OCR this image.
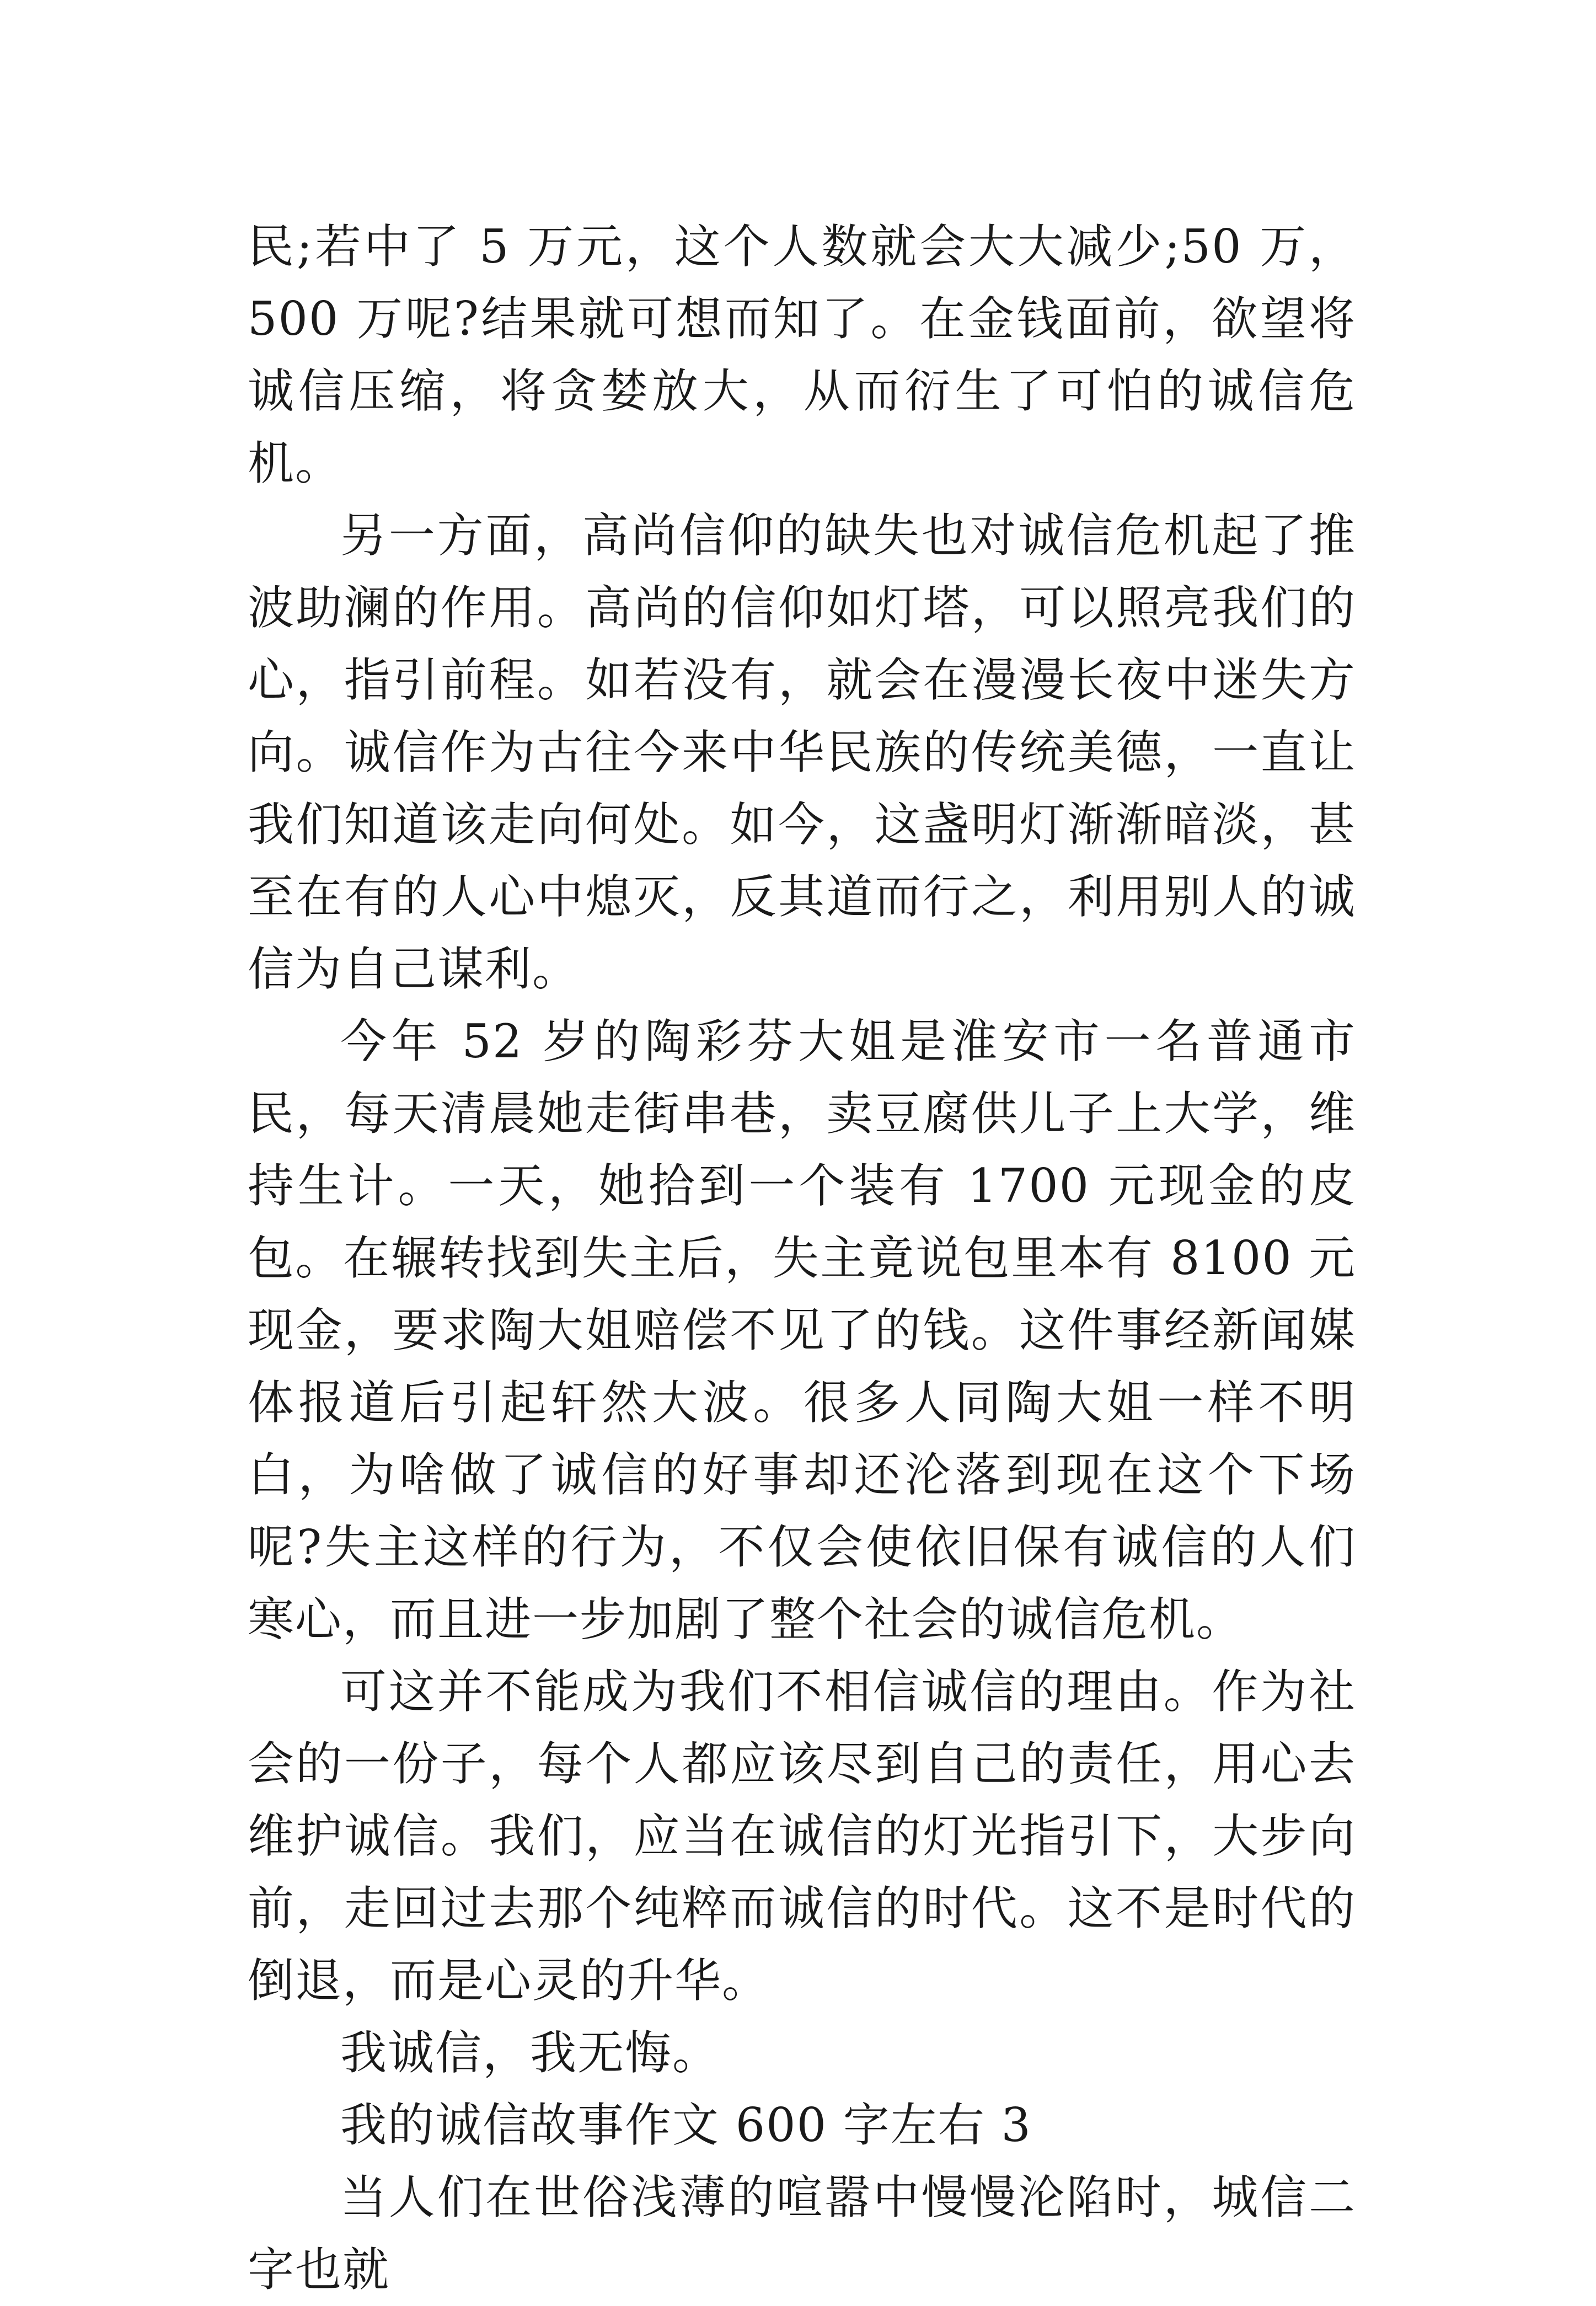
民;若中了 5 万元，这个人数就会大大减少;50 万，500 万呢?结果就可想而知了。在金钱面前，欲望将诚信压缩，将贪婪放大，从而衍生了可怕的诚信危机。

另一方面，高尚信仰的缺失也对诚信危机起了推波助澜的作用。高尚的信仰如灯塔，可以照亮我们的心，指引前程。如若没有，就会在漫漫长夜中迷失方向。诚信作为古往今来中华民族的传统美德，一直让我们知道该走向何处。如今，这盏明灯渐渐暗淡，甚至在有的人心中熄灭，反其道而行之，利用别人的诚信为自己谋利。

今年 52 岁的陶彩芬大姐是淮安市一名普通市民，每天清晨她走街串巷，卖豆腐供儿子上大学，维持生计。一天，她拾到一个装有 1700 元现金的皮包。在辗转找到失主后，失主竟说包里本有 8100 元现金，要求陶大姐赔偿不见了的钱。这件事经新闻媒体报道后引起轩然大波。很多人同陶大姐一样不明白，为啥做了诚信的好事却还沦落到现在这个下场呢?失主这样的行为，不仅会使依旧保有诚信的人们寒心，而且进一步加剧了整个社会的诚信危机。

可这并不能成为我们不相信诚信的理由。作为社会的一份子，每个人都应该尽到自己的责任，用心去维护诚信。我们，应当在诚信的灯光指引下，大步向前，走回过去那个纯粹而诚信的时代。这不是时代的倒退，而是心灵的升华。

我诚信，我无悔。

我的诚信故事作文 600 字左右 3

当人们在世俗浅薄的喧嚣中慢慢沦陷时，城信二字也就
